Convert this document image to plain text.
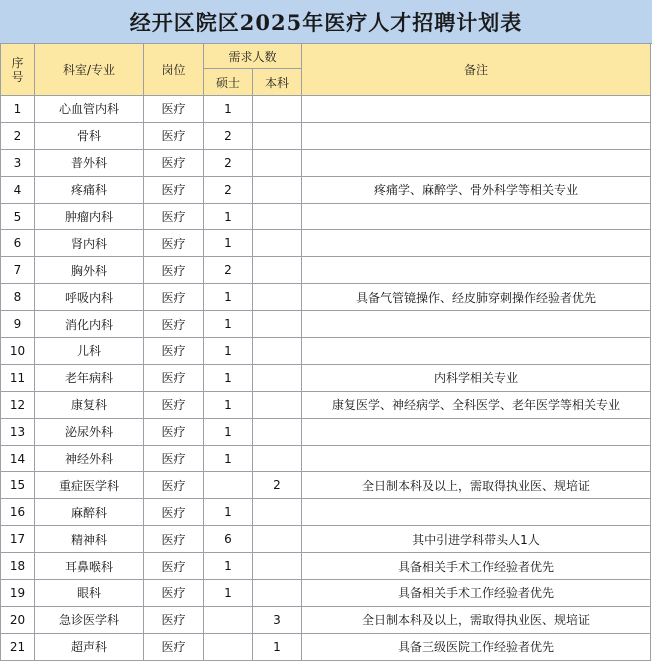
经开区院区2025年医疗人才招聘计划表
序号	科室/专业	岗位	需求人数		备注
			硕士	本科	
1	心血管内科	医疗	1		
2	骨科	医疗	2		
3	普外科	医疗	2		
4	疼痛科	医疗	2		疼痛学、麻醉学、骨外科学等相关专业
5	肿瘤内科	医疗	1		
6	肾内科	医疗	1		
7	胸外科	医疗	2		
8	呼吸内科	医疗	1		具备气管镜操作、经皮肺穿刺操作经验者优先
9	消化内科	医疗	1		
10	儿科	医疗	1		
11	老年病科	医疗	1		内科学相关专业
12	康复科	医疗	1		康复医学、神经病学、全科医学、老年医学等相关专业
13	泌尿外科	医疗	1		
14	神经外科	医疗	1		
15	重症医学科	医疗		2	全日制本科及以上，需取得执业医、规培证
16	麻醉科	医疗	1		
17	精神科	医疗	6		其中引进学科带头人1人
18	耳鼻喉科	医疗	1		具备相关手术工作经验者优先
19	眼科	医疗	1		具备相关手术工作经验者优先
20	急诊医学科	医疗		3	全日制本科及以上，需取得执业医、规培证
21	超声科	医疗		1	具备三级医院工作经验者优先
